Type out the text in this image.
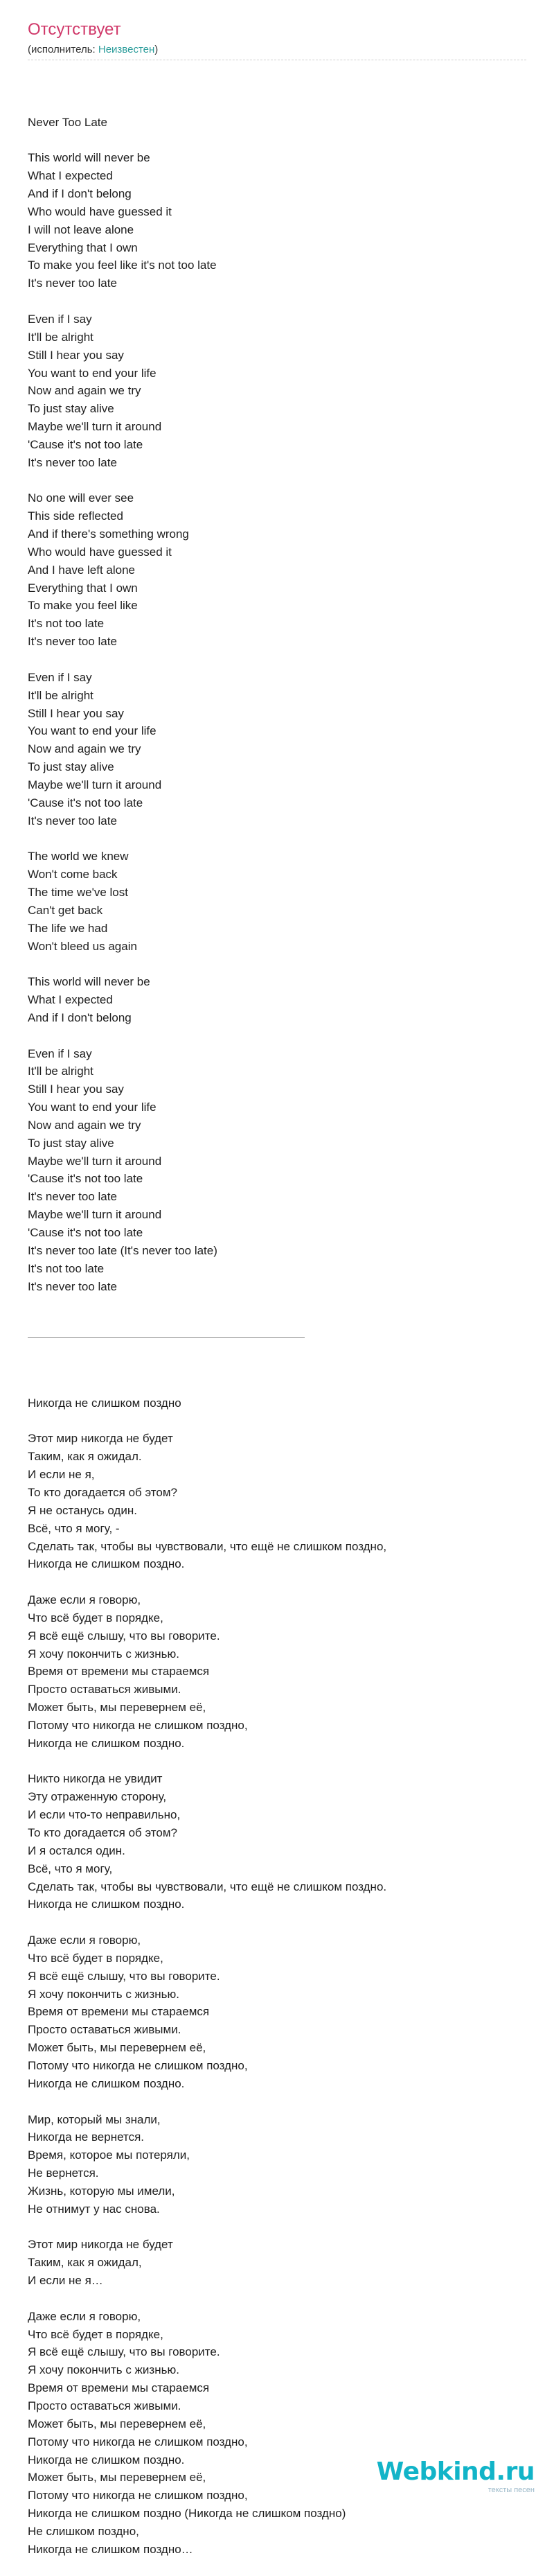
Отсутствует
(исполнитель: Неизвестен)

Never Too Late
This world will never be
What I expected
And if I don't belong
Who would have guessed it
I will not leave alone
Everything that I own
To make you feel like it's not too late
It's never too late
Even if I say
It'll be alright
Still I hear you say
You want to end your life
Now and again we try
To just stay alive
Maybe we'll turn it around
'Cause it's not too late
It's never too late
No one will ever see
This side reflected
And if there's something wrong
Who would have guessed it
And I have left alone
Everything that I own
To make you feel like
It's not too late
It's never too late
Even if I say
It'll be alright
Still I hear you say
You want to end your life
Now and again we try
To just stay alive
Maybe we'll turn it around
'Cause it's not too late
It's never too late
The world we knew
Won't come back
The time we've lost
Can't get back
The life we had
Won't bleed us again
This world will never be
What I expected
And if I don't belong
Even if I say
It'll be alright
Still I hear you say
You want to end your life
Now and again we try
To just stay alive
Maybe we'll turn it around
'Cause it's not too late
It's never too late
Maybe we'll turn it around
'Cause it's not too late
It's never too late (It's never too late)
It's not too late
It's never too late

Никогда не слишком поздно
Этот мир никогда не будет
Таким, как я ожидал.
И если не я,
То кто догадается об этом?
Я не останусь один.
Всё, что я могу, -
Сделать так, чтобы вы чувствовали, что ещё не слишком поздно,
Никогда не слишком поздно.
Даже если я говорю,
Что всё будет в порядке,
Я всё ещё слышу, что вы говорите.
Я хочу покончить с жизнью.
Время от времени мы стараемся
Просто оставаться живыми.
Может быть, мы перевернем её,
Потому что никогда не слишком поздно,
Никогда не слишком поздно.
Никто никогда не увидит
Эту отраженную сторону,
И если что-то неправильно,
То кто догадается об этом?
И я остался один.
Всё, что я могу,
Сделать так, чтобы вы чувствовали, что ещё не слишком поздно.
Никогда не слишком поздно.
Даже если я говорю,
Что всё будет в порядке,
Я всё ещё слышу, что вы говорите.
Я хочу покончить с жизнью.
Время от времени мы стараемся
Просто оставаться живыми.
Может быть, мы перевернем её,
Потому что никогда не слишком поздно,
Никогда не слишком поздно.
Мир, который мы знали,
Никогда не вернется.
Время, которое мы потеряли,
Не вернется.
Жизнь, которую мы имели,
Не отнимут у нас снова.
Этот мир никогда не будет
Таким, как я ожидал,
И если не я…
Даже если я говорю,
Что всё будет в порядке,
Я всё ещё слышу, что вы говорите.
Я хочу покончить с жизнью.
Время от времени мы стараемся
Просто оставаться живыми.
Может быть, мы перевернем её,
Потому что никогда не слишком поздно,
Никогда не слишком поздно.
Может быть, мы перевернем её,
Потому что никогда не слишком поздно,
Никогда не слишком поздно (Никогда не слишком поздно)
Не слишком поздно,
Никогда не слишком поздно…

Webkind.ru
тексты песен
